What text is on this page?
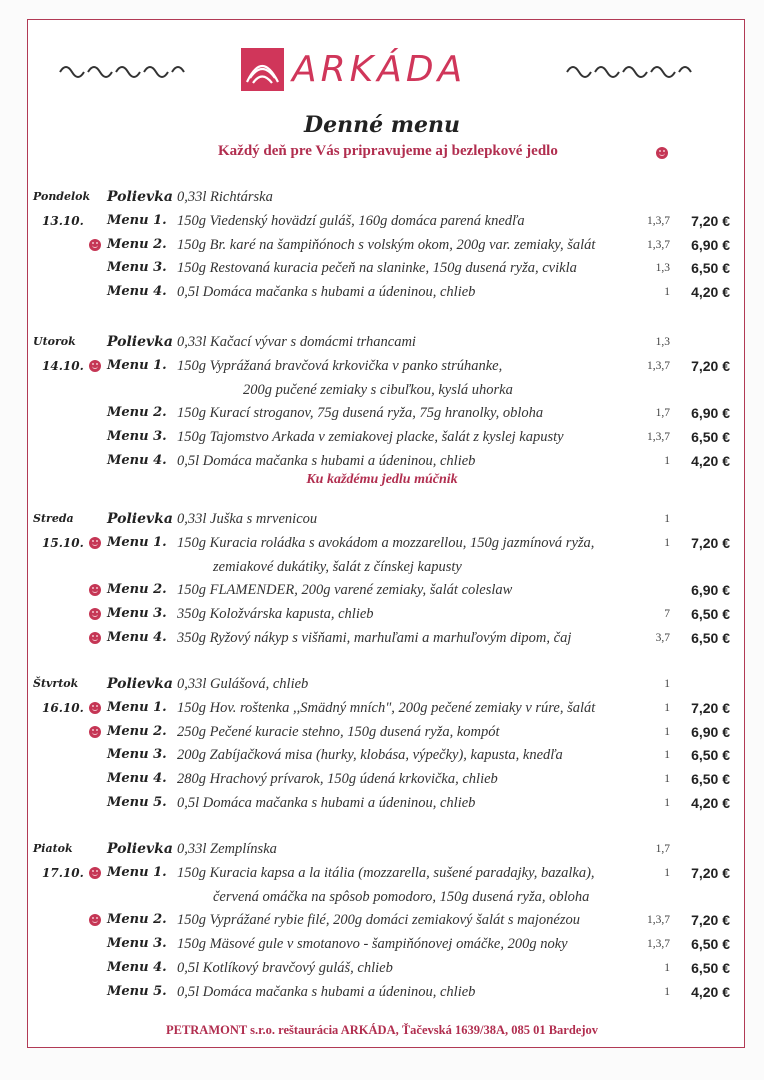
ARKÁDA
Denné menu
Každý deň pre Vás pripravujeme aj bezlepkové jedlo
Pondelok Polievka 0,33l Richtárska
13.10. Menu 1. 150g Viedenský hovädzí guláš, 160g domáca parená knedľa	1,3,7	7,20 €
Menu 2. 150g Br. karé na šampiňónoch s volským okom, 200g var. zemiaky, šalát	1,3,7	6,90 €
Menu 3. 150g Restovaná kuracia pečeň na slaninke, 150g dusená ryža, cvikla	1,3	6,50 €
Menu 4. 0,5l Domáca mačanka s hubami a údeninou, chlieb	1	4,20 €
Utorok Polievka 0,33l Kačací vývar s domácmi trhancami	1,3
14.10. Menu 1. 150g Vyprážaná bravčová krkovička v panko strúhanke,	1,3,7	7,20 €
200g pučené zemiaky s cibuľkou, kyslá uhorka
Menu 2. 150g Kurací stroganov, 75g dusená ryža, 75g hranolky, obloha	1,7	6,90 €
Menu 3. 150g Tajomstvo Arkada v zemiakovej placke, šalát z kyslej kapusty	1,3,7	6,50 €
Menu 4. 0,5l Domáca mačanka s hubami a údeninou, chlieb	1	4,20 €
Ku každému jedlu múčnik
Streda Polievka 0,33l Juška s mrvenicou	1
15.10. Menu 1. 150g Kuracia roládka s avokádom a mozzarellou, 150g jazmínová ryža,	1	7,20 €
zemiakové dukátiky, šalát z čínskej kapusty
Menu 2. 150g FLAMENDER, 200g varené zemiaky, šalát coleslaw	6,90 €
Menu 3. 350g Koložvárska kapusta, chlieb	7	6,50 €
Menu 4. 350g Ryžový nákyp s višňami, marhuľami a marhuľovým dipom, čaj	3,7	6,50 €
Štvrtok Polievka 0,33l Gulášová, chlieb	1
16.10. Menu 1. 150g Hov. roštenka ,,Smädný mních", 200g pečené zemiaky v rúre, šalát	1	7,20 €
Menu 2. 250g Pečené kuracie stehno, 150g dusená ryža, kompót	1	6,90 €
Menu 3. 200g Zabíjačková misa (hurky, klobása, výpečky), kapusta, knedľa	1	6,50 €
Menu 4. 280g Hrachový prívarok, 150g údená krkovička, chlieb	1	6,50 €
Menu 5. 0,5l Domáca mačanka s hubami a údeninou, chlieb	1	4,20 €
Piatok Polievka 0,33l Zemplínska	1,7
17.10. Menu 1. 150g Kuracia kapsa a la itália (mozzarella, sušené paradajky, bazalka),	1	7,20 €
červená omáčka na spôsob pomodoro, 150g dusená ryža, obloha
Menu 2. 150g Vyprážané rybie filé, 200g domáci zemiakový šalát s majonézou	1,3,7	7,20 €
Menu 3. 150g Mäsové gule v smotanovo - šampiňónovej omáčke, 200g noky	1,3,7	6,50 €
Menu 4. 0,5l Kotlíkový bravčový guláš, chlieb	1	6,50 €
Menu 5. 0,5l Domáca mačanka s hubami a údeninou, chlieb	1	4,20 €
PETRAMONT s.r.o. reštaurácia ARKÁDA, Ťačevská 1639/38A, 085 01 Bardejov
